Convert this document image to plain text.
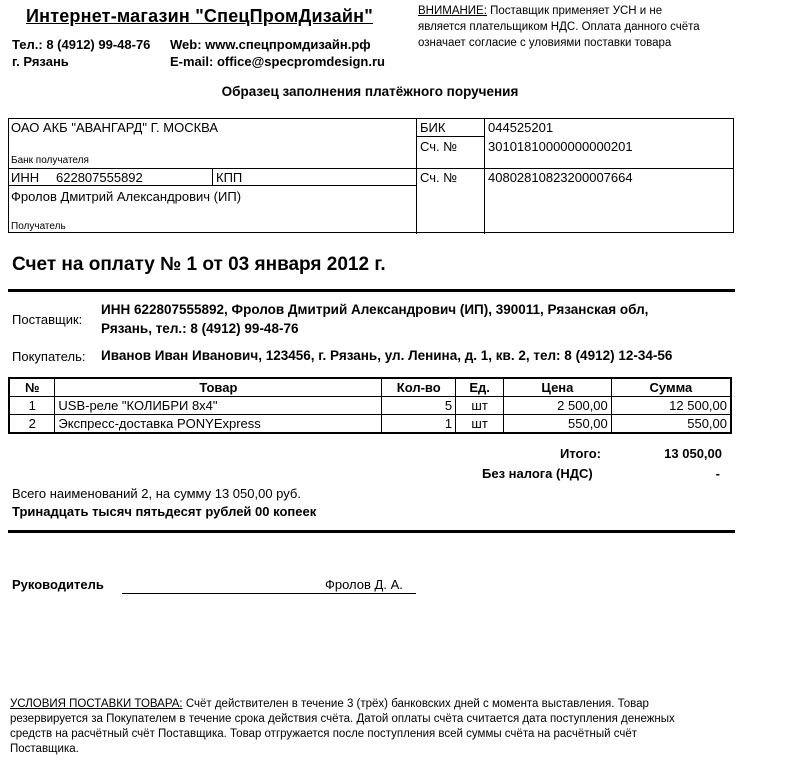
Интернет-магазин "СпецПромДизайн"
Тел.: 8 (4912) 99-48-76
г. Рязань
Web: www.спецпромдизайн.рф
E-mail: office@specpromdesign.ru
ВНИМАНИЕ: Поставщик применяет УСН и не является плательщиком НДС. Оплата данного счёта означает согласие с уловиями поставки товара
Образец заполнения платёжного поручения
ОАО АКБ "АВАНГАРД" Г. МОСКВА
Банк получателя
БИК	044525201
Сч. № 30101810000000000201
ИНН 622807555892	КПП	Сч. № 40802810823200007664
Фролов Дмитрий Александрович (ИП)
Получатель
Счет на оплату № 1 от 03 января 2012 г.
Поставщик:
ИНН 622807555892, Фролов Дмитрий Александрович (ИП), 390011, Рязанская обл,
Рязань, тел.: 8 (4912) 99-48-76
Покупатель: Иванов Иван Иванович, 123456, г. Рязань, ул. Ленина, д. 1, кв. 2, тел: 8 (4912) 12-34-56
№	Товар	Кол-во	Ед.	Цена	Сумма
1	USB-реле "КОЛИБРИ 8x4"	5	шт	2 500,00	12 500,00
2	Экспресс-доставка PONYExpress	1	шт	550,00	550,00
Итого:	13 050,00
Без налога (НДС)	-
Всего наименований 2, на сумму 13 050,00 руб.
Тринадцать тысяч пятьдесят рублей 00 копеек
Руководитель	Фролов Д. А.
УСЛОВИЯ ПОСТАВКИ ТОВАРА: Счёт действителен в течение 3 (трёх) банковских дней с момента выставления. Товар резервируется за Покупателем в течение срока действия счёта. Датой оплаты счёта считается дата поступления денежных средств на расчётный счёт Поставщика. Товар отгружается после поступления всей суммы счёта на расчётный счёт Поставщика.
